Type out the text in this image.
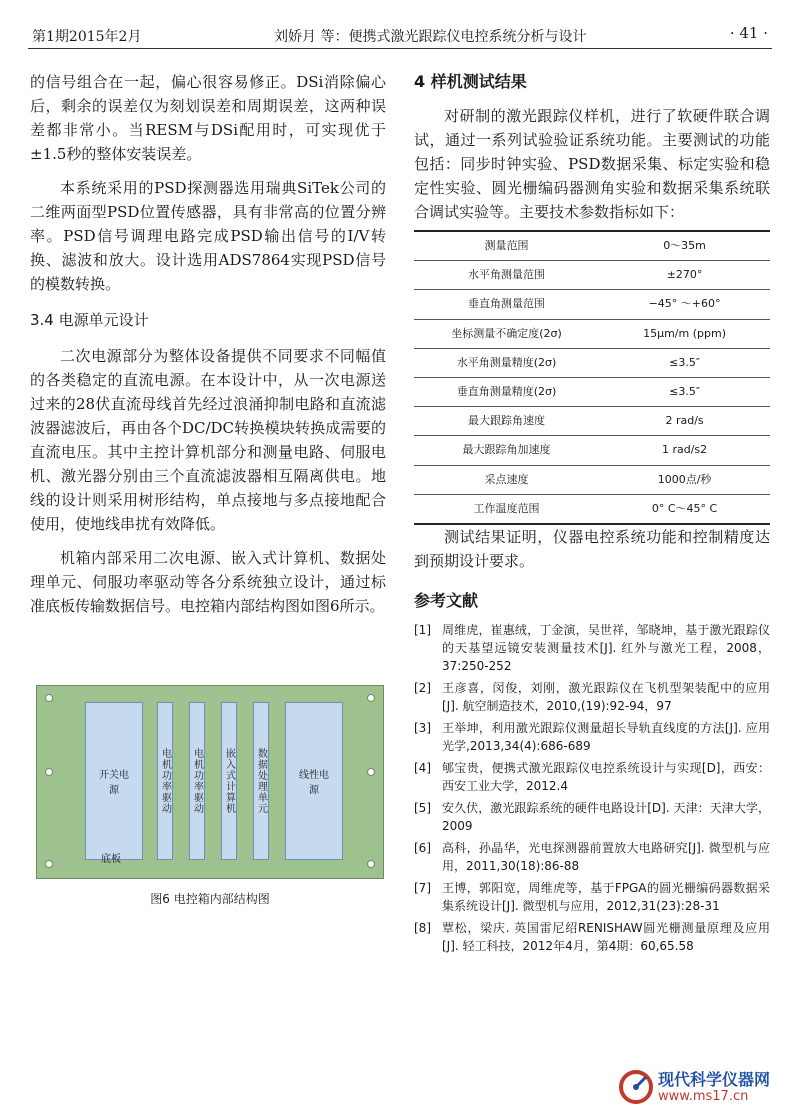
第1期2015年2月	刘娇月 等：便携式激光跟踪仪电控系统分析与设计	· 41 ·

的信号组合在一起，偏心很容易修正。DSi消除偏心后，剩余的误差仅为刻划误差和周期误差，这两种误差都非常小。当RESM与DSi配用时，可实现优于±1.5秒的整体安装误差。

本系统采用的PSD探测器选用瑞典SiTek公司的二维两面型PSD位置传感器，具有非常高的位置分辨率。PSD信号调理电路完成PSD输出信号的I/V转换、滤波和放大。设计选用ADS7864实现PSD信号的模数转换。

3.4 电源单元设计

二次电源部分为整体设备提供不同要求不同幅值的各类稳定的直流电源。在本设计中，从一次电源送过来的28伏直流母线首先经过浪涌抑制电路和直流滤波器滤波后，再由各个DC/DC转换模块转换成需要的直流电压。其中主控计算机部分和测量电路、伺服电机、激光器分别由三个直流滤波器相互隔离供电。地线的设计则采用树形结构，单点接地与多点接地配合使用，使地线串扰有效降低。

机箱内部采用二次电源、嵌入式计算机、数据处理单元、伺服功率驱动等各分系统独立设计，通过标准底板传输数据信号。电控箱内部结构图如图6所示。

开关电源	电机功率驱动 电机功率驱动 嵌入式计算机 数据处理单元	线性电源
底板
图6 电控箱内部结构图
4 样机测试结果

对研制的激光跟踪仪样机，进行了软硬件联合调试，通过一系列试验验证系统功能。主要测试的功能包括：同步时钟实验、PSD数据采集、标定实验和稳定性实验、圆光栅编码器测角实验和数据采集系统联合调试实验等。主要技术参数指标如下：

测量范围	0～35m
水平角测量范围	±270°
垂直角测量范围	−45° ～+60°
坐标测量不确定度(2σ)	15μm/m (ppm)
水平角测量精度(2σ)	≤3.5″
垂直角测量精度(2σ)	≤3.5″
最大跟踪角速度	2 rad/s
最大跟踪角加速度	1 rad/s2
采点速度	1000点/秒
工作温度范围	0° C～45° C

测试结果证明，仪器电控系统功能和控制精度达到预期设计要求。

参考文献
[1] 周维虎，崔惠绒，丁金演，吴世祥，邹晓坤，基于激光跟踪仪的天基望远镜安装测量技术[J]. 红外与激光工程，2008，37:250-252
[2] 王彦喜，闵俊，刘刚，激光跟踪仪在飞机型架装配中的应用[J]. 航空制造技术，2010,(19):92-94，97
[3] 王举坤，利用激光跟踪仪测量超长导轨直线度的方法[J]. 应用光学,2013,34(4):686-689
[4] 郇宝贵，便携式激光跟踪仪电控系统设计与实现[D]，西安：西安工业大学，2012.4
[5] 安久伏，激光跟踪系统的硬件电路设计[D]. 天津：天津大学，2009
[6] 高科，孙晶华，光电探测器前置放大电路研究[J]. 微型机与应用，2011,30(18):86-88
[7] 王博，郭阳宽，周维虎等，基于FPGA的圆光栅编码器数据采集系统设计[J]. 微型机与应用，2012,31(23):28-31
[8] 覃松，梁庆. 英国雷尼绍RENISHAW圆光栅测量原理及应用[J]. 轻工科技，2012年4月，第4期：60,65.58
现代科学仪器网
www.ms17.cn
